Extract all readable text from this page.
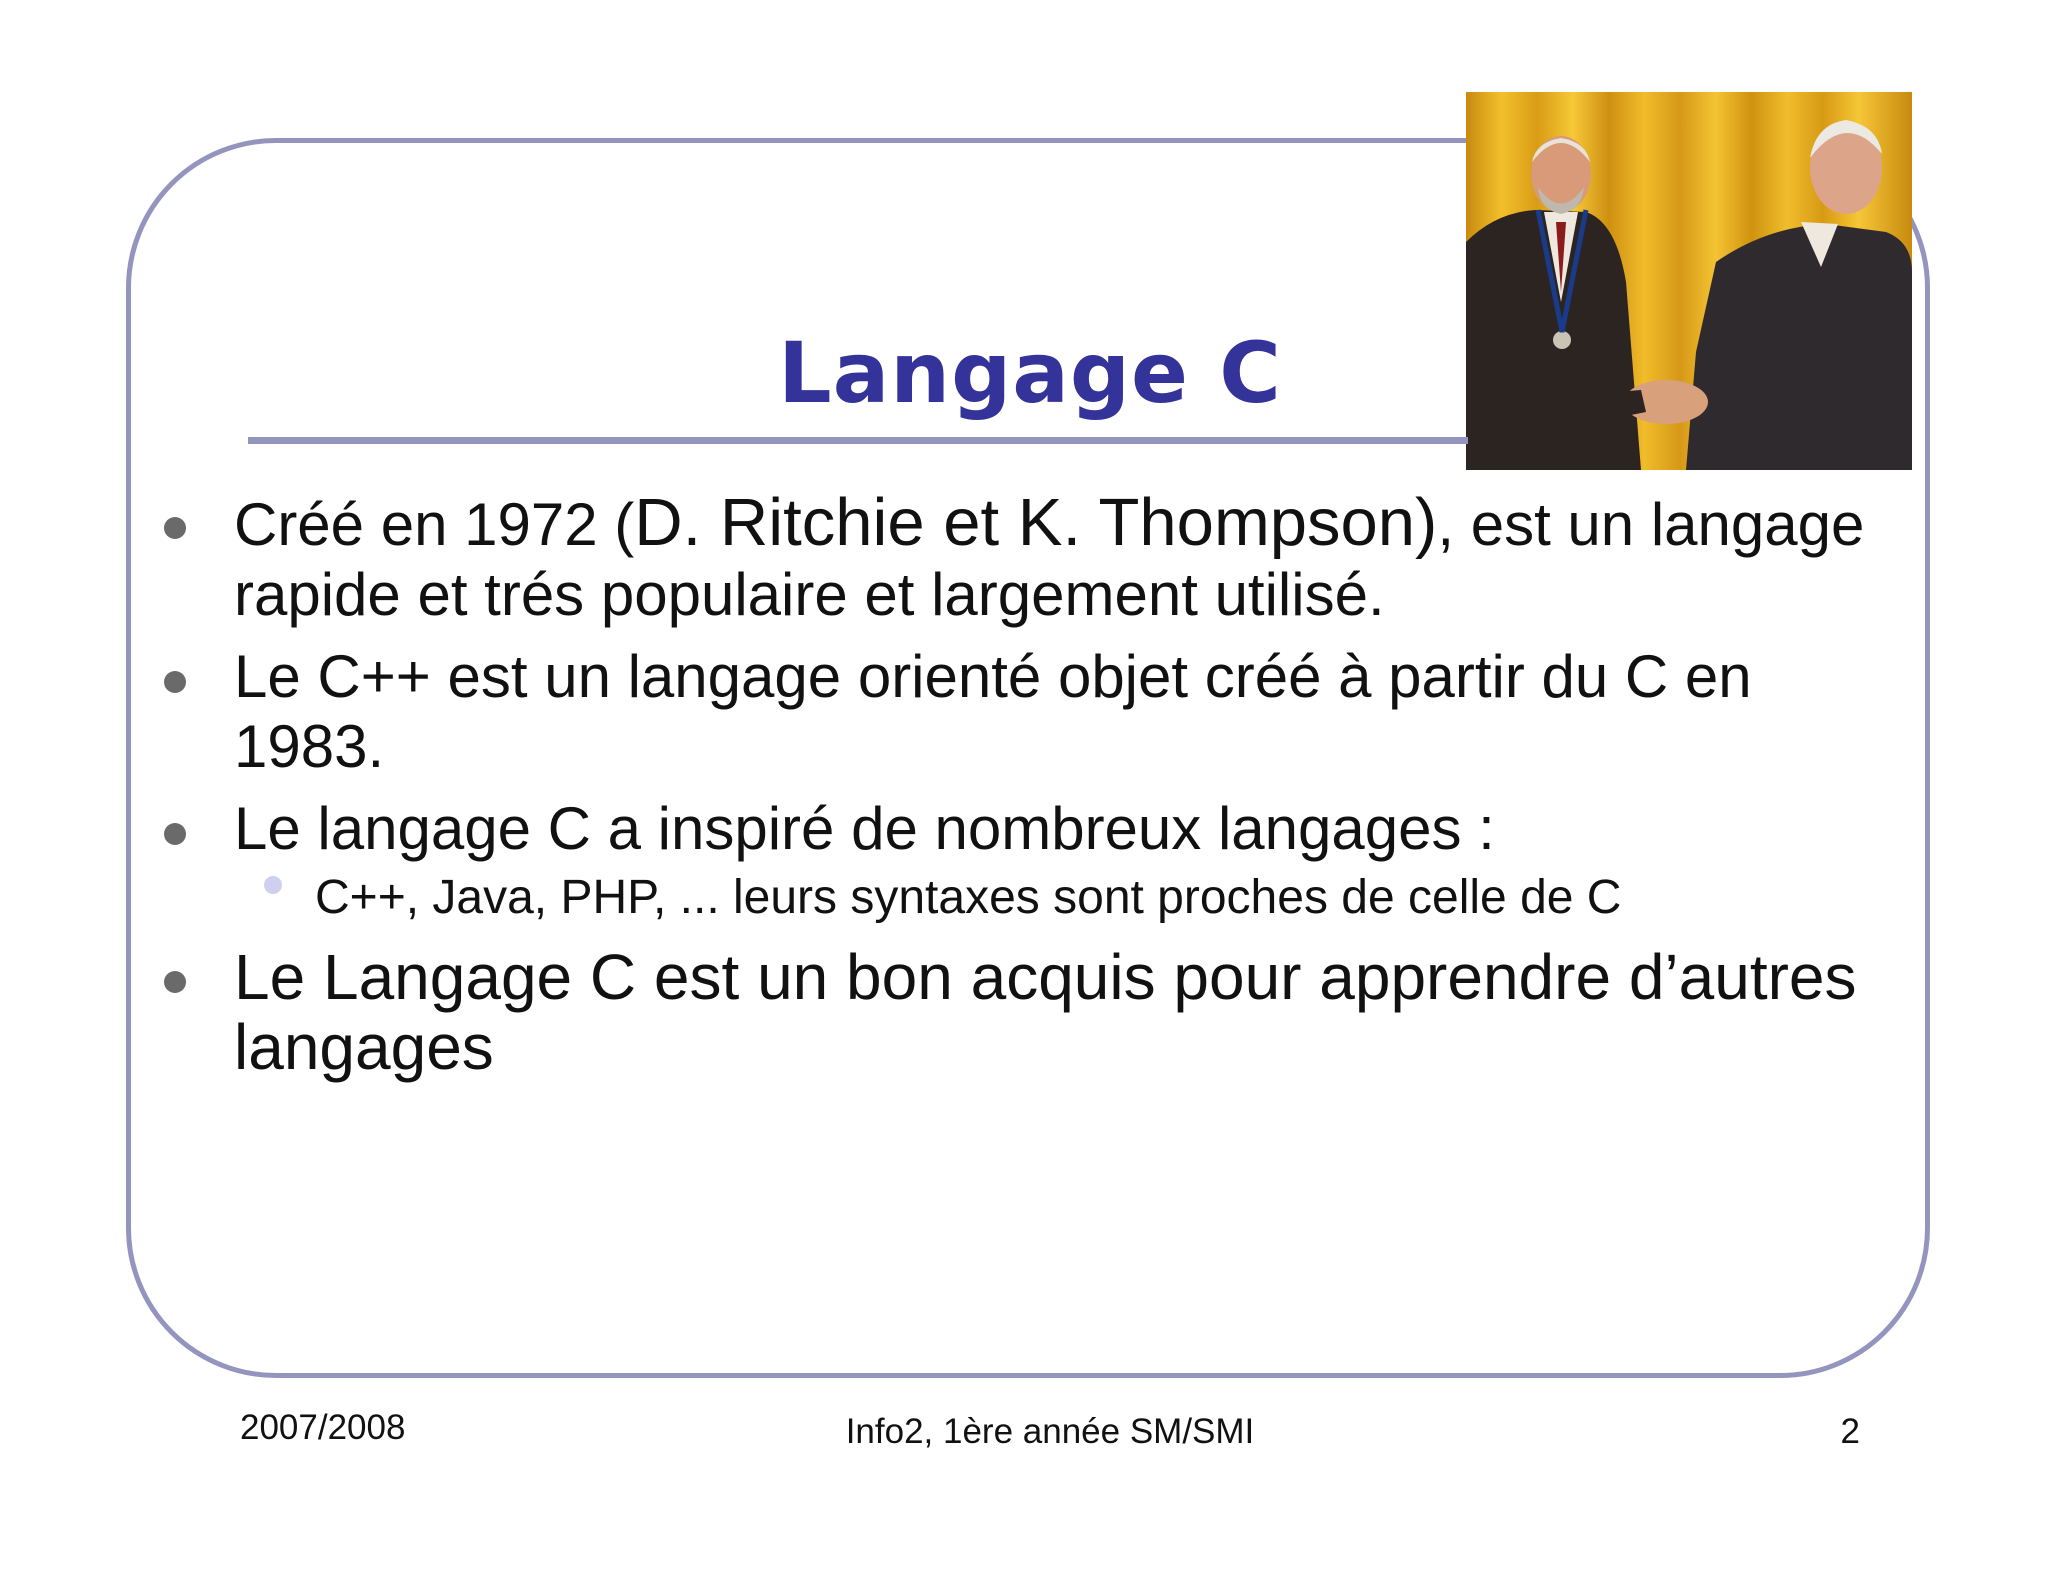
Langage C
Créé en 1972 (D. Ritchie et K. Thompson), est un langage rapide et trés populaire et largement utilisé.
Le C++ est un langage orienté objet créé à partir du C en 1983.
Le langage C a inspiré de nombreux langages :
C++, Java, PHP, ... leurs syntaxes sont proches de celle de C
Le Langage C est un bon acquis pour apprendre d’autres langages
2007/2008	Info2, 1ère année SM/SMI	2
